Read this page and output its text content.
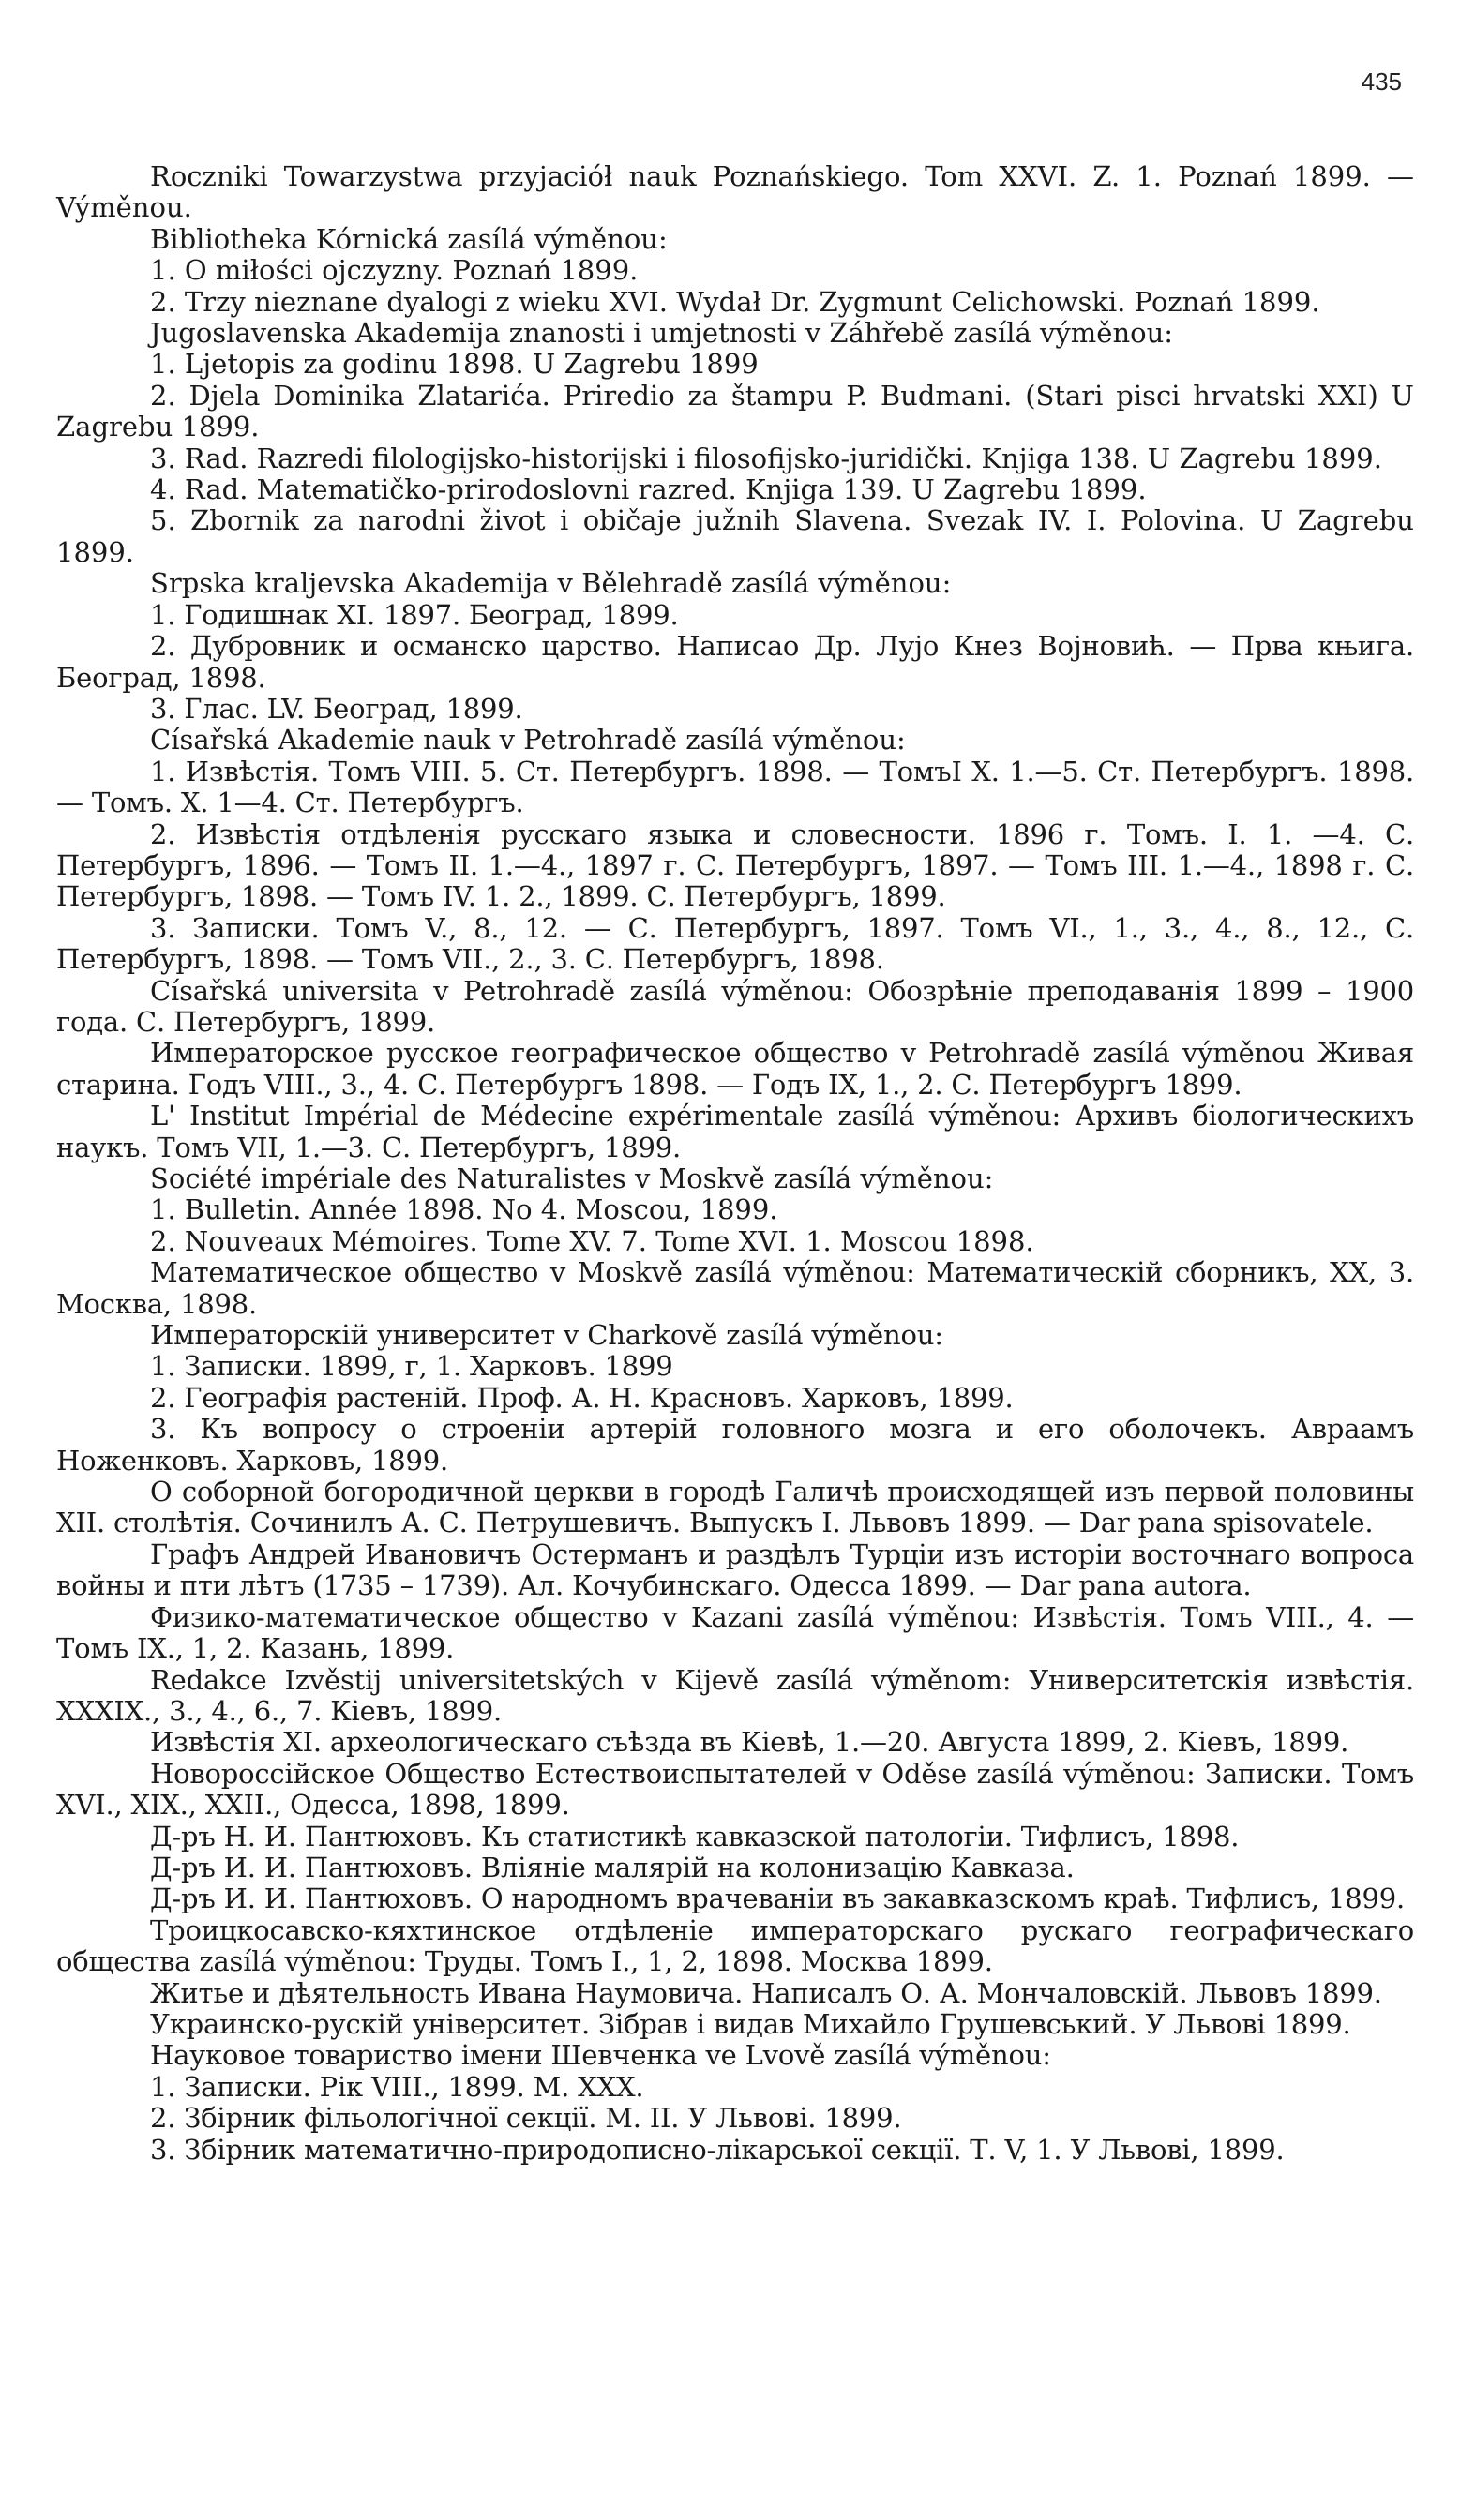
435
Roczniki Towarzystwa przyjaciół nauk Poznańskiego. Tom XXVI. Z. 1. Poznań 1899. — Výměnou.
Bibliotheka Kórnická zasílá výměnou:
1. O miłości ojczyzny. Poznań 1899.
2. Trzy nieznane dyalogi z wieku XVI. Wydał Dr. Zygmunt Celichowski. Poznań 1899.
Jugoslavenska Akademija znanosti i umjetnosti v Záhřebě zasílá výměnou:
1. Ljetopis za godinu 1898. U Zagrebu 1899
2. Djela Dominika Zlatarića. Priredio za štampu P. Budmani. (Stari pisci hrvatski XXI) U Zagrebu 1899.
3. Rad. Razredi filologijsko-historijski i filosofijsko-juridički. Knjiga 138. U Zagrebu 1899.
4. Rad. Matematičko-prirodoslovni razred. Knjiga 139. U Zagrebu 1899.
5. Zbornik za narodni život i običaje južnih Slavena. Svezak IV. I. Polovina. U Zagrebu 1899.
Srpska kraljevska Akademija v Bělehradě zasílá výměnou:
1. Годишнак XI. 1897. Београд, 1899.
2. Дубровник и османско царство. Написао Др. Лујо Кнез Војновић. — Прва књига. Београд, 1898.
3. Глас. LV. Београд, 1899.
Císařská Akademie nauk v Petrohradě zasílá výměnou:
1. Извѣстія. Томъ VIII. 5. Ст. Петербургъ. 1898. — ТомъI X. 1.—5. Ст. Петербургъ. 1898. — Томъ. X. 1—4. Ст. Петербургъ.
2. Извѣстія отдѣленія русскаго языка и словесности. 1896 г. Томъ. I. 1. —4. С. Петербургъ, 1896. — Томъ II. 1.—4., 1897 г. С. Петербургъ, 1897. — Томъ III. 1.—4., 1898 г. С. Петербургъ, 1898. — Томъ IV. 1. 2., 1899. С. Петербургъ, 1899.
3. Записки. Томъ V., 8., 12. — С. Петербургъ, 1897. Томъ VI., 1., 3., 4., 8., 12., С. Петербургъ, 1898. — Томъ VII., 2., 3. С. Петербургъ, 1898.
Císařská universita v Petrohradě zasílá výměnou: Обозрѣніе преподаванія 1899 – 1900 года. С. Петербургъ, 1899.
Императорское русское географическое общество v Petrohradě zasílá výměnou Живая старина. Годъ VIII., 3., 4. С. Петербургъ 1898. — Годъ IX, 1., 2. С. Петербургъ 1899.
L' Institut Impérial de Médecine expérimentale zasílá výměnou: Архивъ біологическихъ наукъ. Томъ VII, 1.—3. С. Петербургъ, 1899.
Société impériale des Naturalistes v Moskvě zasílá výměnou:
1. Bulletin. Année 1898. No 4. Moscou, 1899.
2. Nouveaux Mémoires. Tome XV. 7. Tome XVI. 1. Moscou 1898.
Математическое общество v Moskvě zasílá výměnou: Математическій сборникъ, XX, 3. Москва, 1898.
Императорскій университет v Charkově zasílá výměnou:
1. Записки. 1899, г, 1. Харковъ. 1899
2. Географія растеній. Проф. А. Н. Красновъ. Харковъ, 1899.
3. Къ вопросу о строеніи артерій головного мозга и его оболочекъ. Авраамъ Ноженковъ. Харковъ, 1899.
О соборной богородичной церкви в городѣ Галичѣ происходящей изъ первой половины XII. столѣтія. Сочинилъ А. С. Петрушевичъ. Выпускъ I. Львовъ 1899. — Dar pana spisovatele.
Графъ Андрей Ивановичъ Остерманъ и раздѣлъ Турціи изъ исторіи восточнаго вопроса войны и пти лѣтъ (1735 – 1739). Ал. Кочубинскаго. Одесса 1899. — Dar pana autora.
Физико-математическое общество v Kazani zasílá výměnou: Извѣстія. Томъ VIII., 4. — Томъ IX., 1, 2. Казань, 1899.
Redakce Izvěstij universitetských v Kijevě zasílá výměnom: Университетскія извѣстія. XXXIX., 3., 4., 6., 7. Кіевъ, 1899.
Извѣстія XI. археологическаго съѣзда въ Кіевѣ, 1.—20. Августа 1899, 2. Кіевъ, 1899.
Новороссійское Общество Естествоиспытателей v Oděse zasílá výměnou: Записки. Томъ XVI., XIX., XXII., Одесса, 1898, 1899.
Д-ръ Н. И. Пантюховъ. Къ статистикѣ кавказской патологіи. Тифлисъ, 1898.
Д-ръ И. И. Пантюховъ. Вліяніе малярій на колонизацію Кавказа.
Д-ръ И. И. Пантюховъ. О народномъ врачеваніи въ закавказскомъ краѣ. Тифлисъ, 1899.
Троицкосавско-кяхтинское отдѣленіе императорскаго рускаго географическаго общества zasílá výměnou: Труды. Томъ I., 1, 2, 1898. Москва 1899.
Житье и дѣятельность Ивана Наумовича. Написалъ О. А. Мончаловскій. Львовъ 1899.
Украинско-рускій університет. Зібрав і видав Михайло Грушевський. У Львові 1899.
Науковое товариство імени Шевченка ve Lvově zasílá výměnou:
1. Записки. Рік VIII., 1899. М. XXX.
2. Збірник фільологічної секції. М. II. У Львові. 1899.
3. Збірник математично-природописно-лікарської секції. Т. V, 1. У Львові, 1899.
